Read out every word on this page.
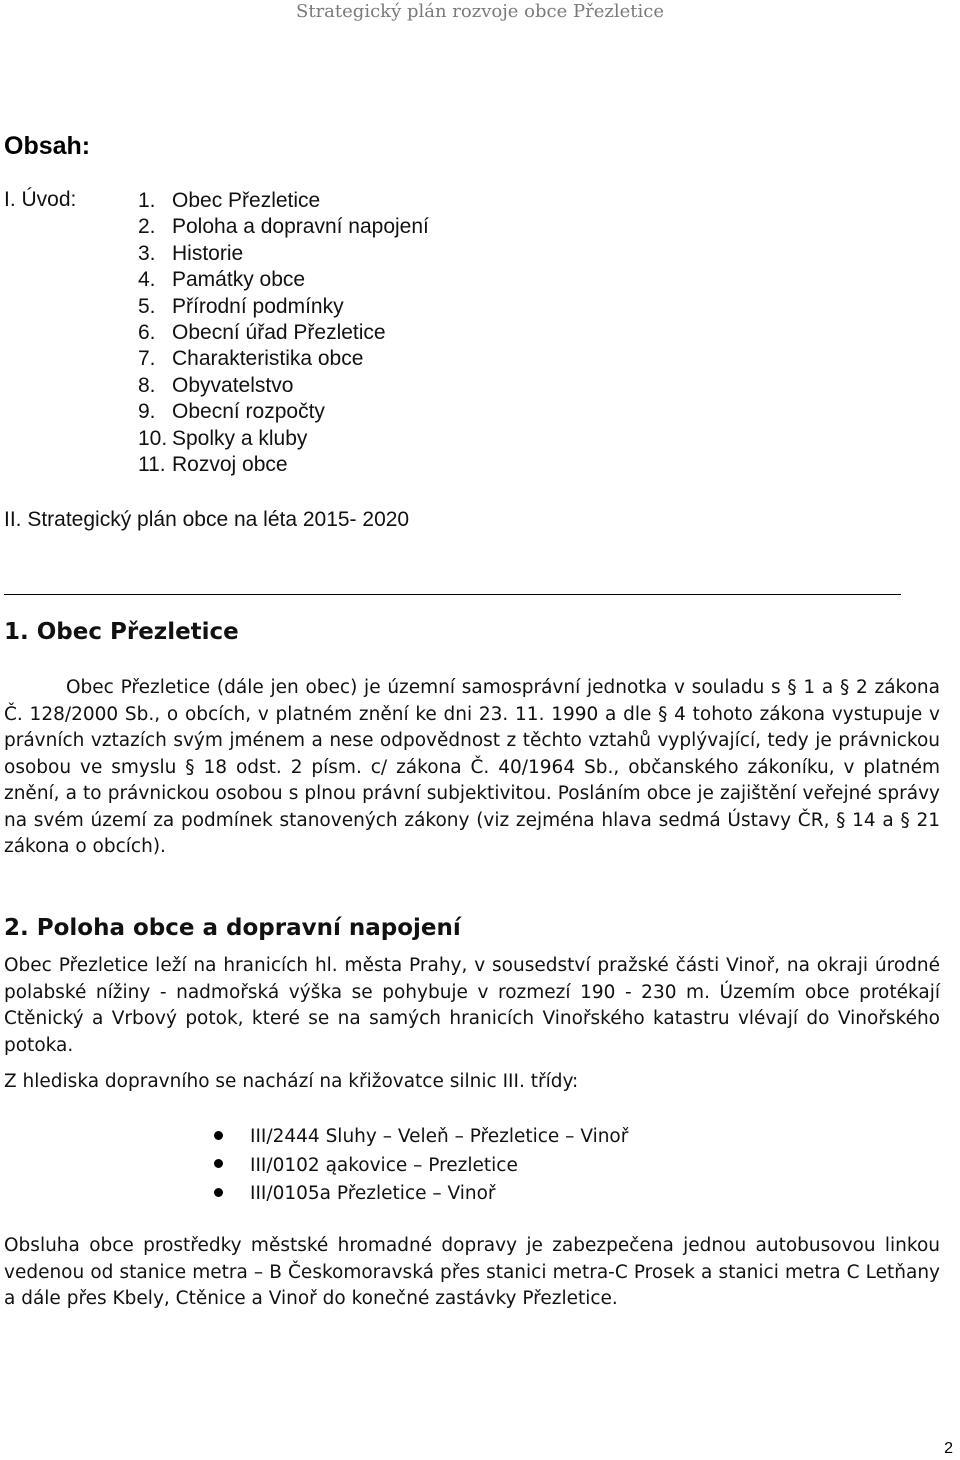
Strategický plán rozvoje obce Přezletice
Obsah:
I. Úvod:	1. Obec Přezletice
2. Poloha a dopravní napojení
3. Historie
4. Památky obce
5. Přírodní podmínky
6. Obecní úřad Přezletice
7. Charakteristika obce
8. Obyvatelstvo
9. Obecní rozpočty
10. Spolky a kluby
11. Rozvoj obce
II. Strategický plán obce na léta 2015- 2020
1. Obec Přezletice

Obec Přezletice (dále jen obec) je územní samosprávní jednotka v souladu s § 1 a § 2 zákona Č. 128/2000 Sb., o obcích, v platném znění ke dni 23. 11. 1990 a dle § 4 tohoto zákona vystupuje v právních vztazích svým jménem a nese odpovědnost z těchto vztahů vyplývající, tedy je právnickou osobou ve smyslu § 18 odst. 2 písm. c/ zákona Č. 40/1964 Sb., občanského zákoníku, v platném znění, a to právnickou osobou s plnou právní subjektivitou. Posláním obce je zajištění veřejné správy na svém území za podmínek stanovených zákony (viz zejména hlava sedmá Ústavy ČR, § 14 a § 21 zákona o obcích).

2. Poloha obce a dopravní napojení

Obec Přezletice leží na hranicích hl. města Prahy, v sousedství pražské části Vinoř, na okraji úrodné polabské nížiny - nadmořská výška se pohybuje v rozmezí 190 - 230 m. Územím obce protékají Ctěnický a Vrbový potok, které se na samých hranicích Vinořského katastru vlévají do Vinořského potoka.

Z hlediska dopravního se nachází na křižovatce silnic III. třídy:

III/2444 Sluhy – Veleň – Přezletice – Vinoř
III/0102 ąakovice – Prezletice
III/0105a Přezletice – Vinoř

Obsluha obce prostředky městské hromadné dopravy je zabezpečena jednou autobusovou linkou vedenou od stanice metra – B Českomoravská přes stanici metra-C Prosek a stanici metra C Letňany a dále přes Kbely, Ctěnice a Vinoř do konečné zastávky Přezletice.

2
